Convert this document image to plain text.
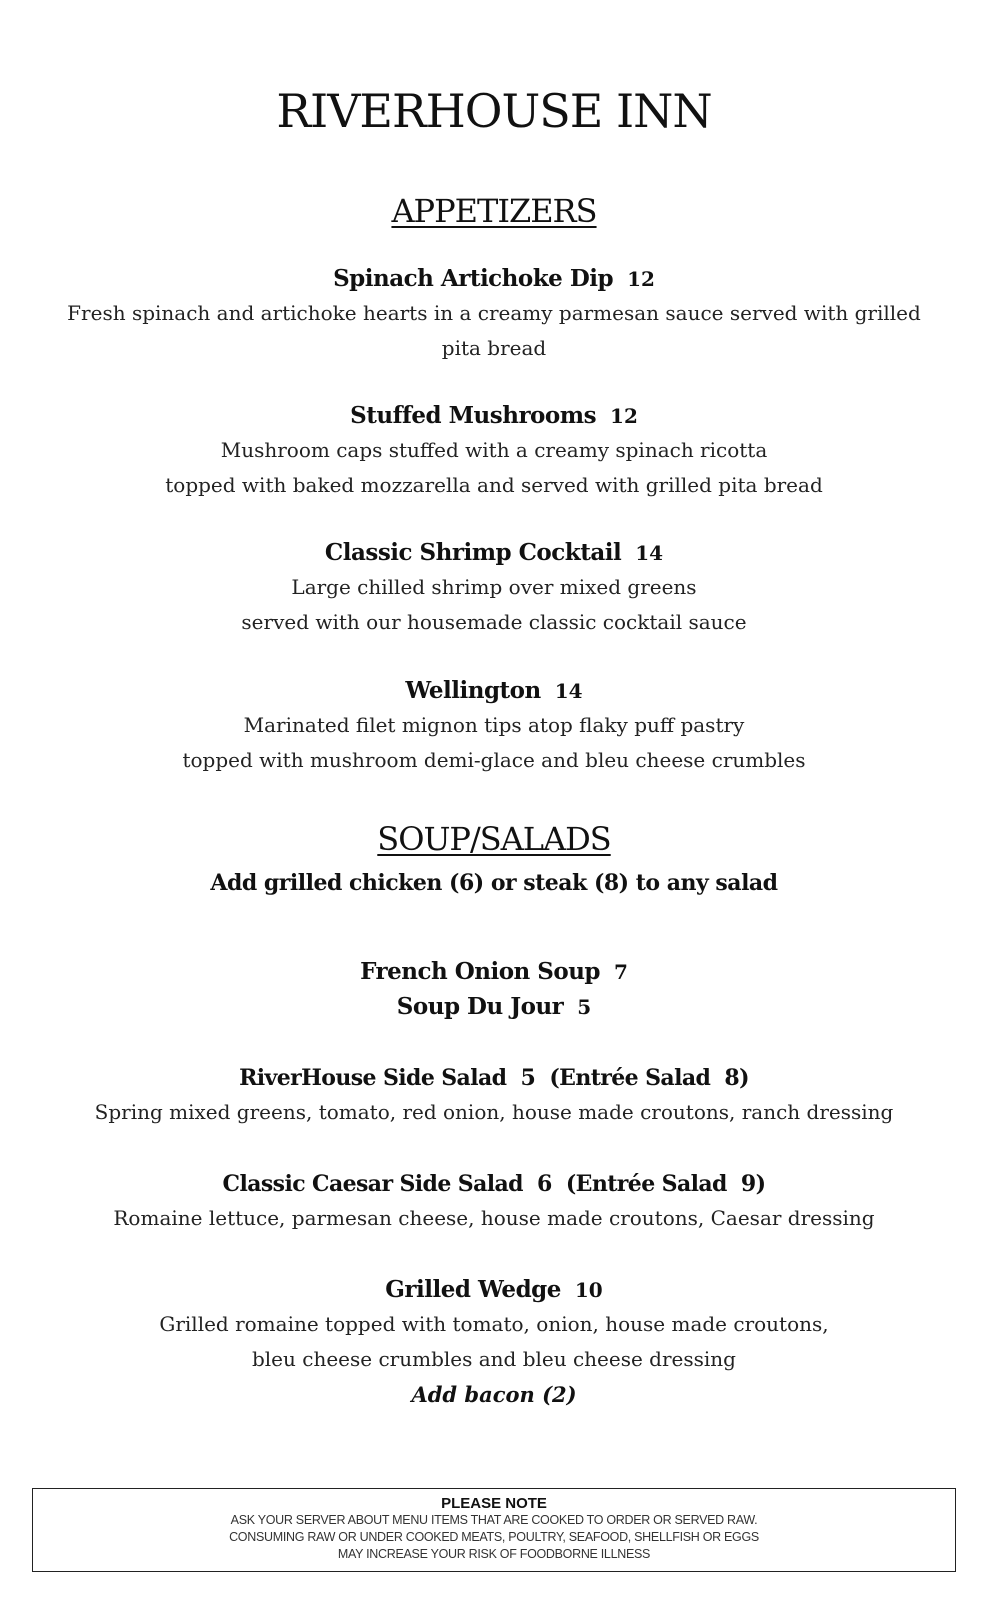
RIVERHOUSE INN
APPETIZERS
Spinach Artichoke Dip 12
Fresh spinach and artichoke hearts in a creamy parmesan sauce served with grilled
pita bread
Stuffed Mushrooms 12
Mushroom caps stuffed with a creamy spinach ricotta
topped with baked mozzarella and served with grilled pita bread
Classic Shrimp Cocktail 14
Large chilled shrimp over mixed greens
served with our housemade classic cocktail sauce
Wellington 14
Marinated filet mignon tips atop flaky puff pastry
topped with mushroom demi-glace and bleu cheese crumbles
SOUP/SALADS
Add grilled chicken (6) or steak (8) to any salad
French Onion Soup 7
Soup Du Jour 5
RiverHouse Side Salad  5  (Entrée Salad  8)
Spring mixed greens, tomato, red onion, house made croutons, ranch dressing
Classic Caesar Side Salad  6  (Entrée Salad  9)
Romaine lettuce, parmesan cheese, house made croutons, Caesar dressing
Grilled Wedge 10
Grilled romaine topped with tomato, onion, house made croutons,
bleu cheese crumbles and bleu cheese dressing
Add bacon (2)
PLEASE NOTE
ASK YOUR SERVER ABOUT MENU ITEMS THAT ARE COOKED TO ORDER OR SERVED RAW.
CONSUMING RAW OR UNDER COOKED MEATS, POULTRY, SEAFOOD, SHELLFISH OR EGGS
MAY INCREASE YOUR RISK OF FOODBORNE ILLNESS
